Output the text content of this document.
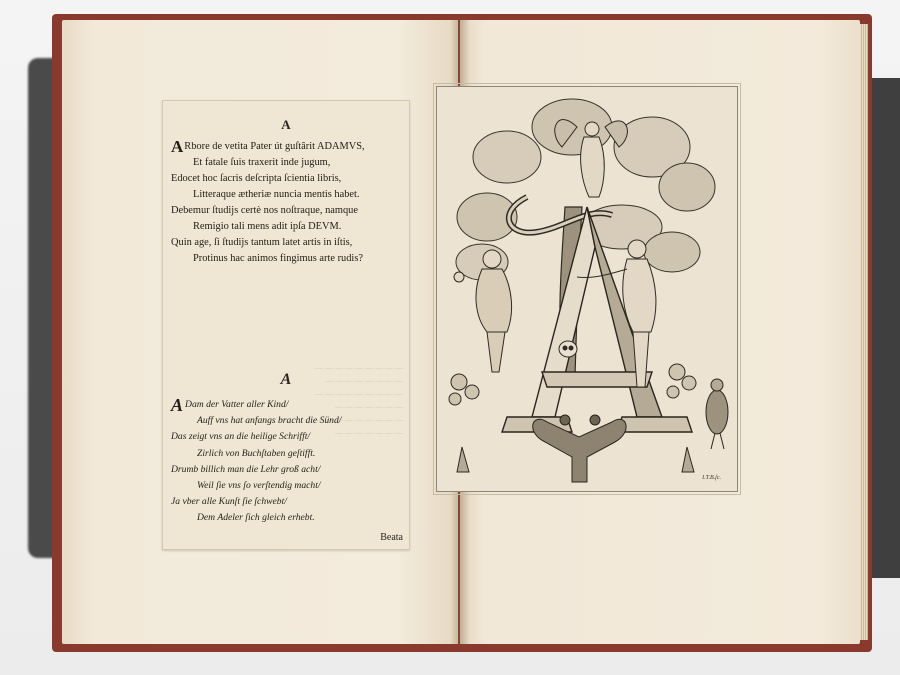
— — — — — — — — —
— — — — — — — —
— — — — — — — — —
— — — — — — —
— — — — — — — — —
— — — — — — —
A
A Rbore de vetita Pater út guſtârit ADAMVS,
Et fatale ſuis traxerit inde jugum,
Edocet hoc ſacris deſcripta ſcientia libris,
Litteraque ætheriæ nuncia mentis habet.
Debemur ſtudijs certè nos noſtraque, namque
Remigio tali mens adit ipſa DEVM.
Quin age, ſi ſtudijs tantum latet artis in iſtis,
Protinus hac animos fingimus arte rudis?
A
A Dam der Vatter aller Kind/
Auff vns hat anfangs bracht die Sünd/
Das zeigt vns an die heilige Schrifft/
Zirlich von Buchſtaben geſtifft.
Drumb billich man die Lehr groß acht/
Weil ſie vns ſo verſtendig macht/
Ja vber alle Kunſt ſie ſchwebt/
Dem Adeler ſich gleich erhebt.
Beata
I.T.B.ſc.
